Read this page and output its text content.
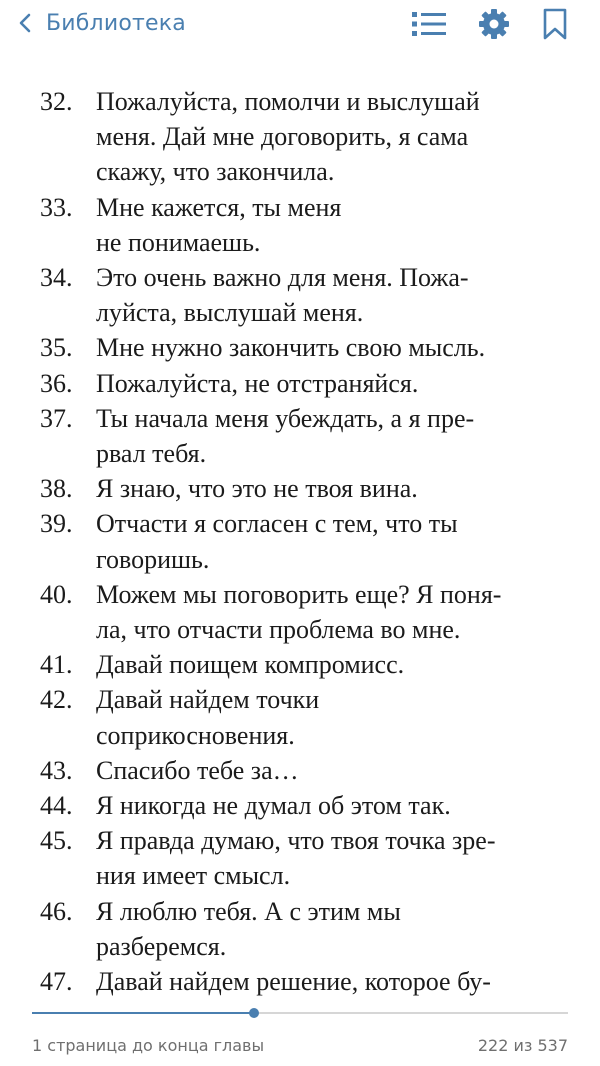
Библиотека
32. Пожалуйста, помолчи и выслушай
меня. Дай мне договорить, я сама
скажу, что закончила.
33. Мне кажется, ты меня
не понимаешь.
34. Это очень важно для меня. Пожа-
луйста, выслушай меня.
35. Мне нужно закончить свою мысль.
36. Пожалуйста, не отстраняйся.
37. Ты начала меня убеждать, а я пре-
рвал тебя.
38. Я знаю, что это не твоя вина.
39. Отчасти я согласен с тем, что ты
говоришь.
40. Можем мы поговорить еще? Я поня-
ла, что отчасти проблема во мне.
41. Давай поищем компромисс.
42. Давай найдем точки
соприкосновения.
43. Спасибо тебе за…
44. Я никогда не думал об этом так.
45. Я правда думаю, что твоя точка зре-
ния имеет смысл.
46. Я люблю тебя. А с этим мы
разберемся.
47. Давай найдем решение, которое бу-
1 страница до конца главы	222 из 537
